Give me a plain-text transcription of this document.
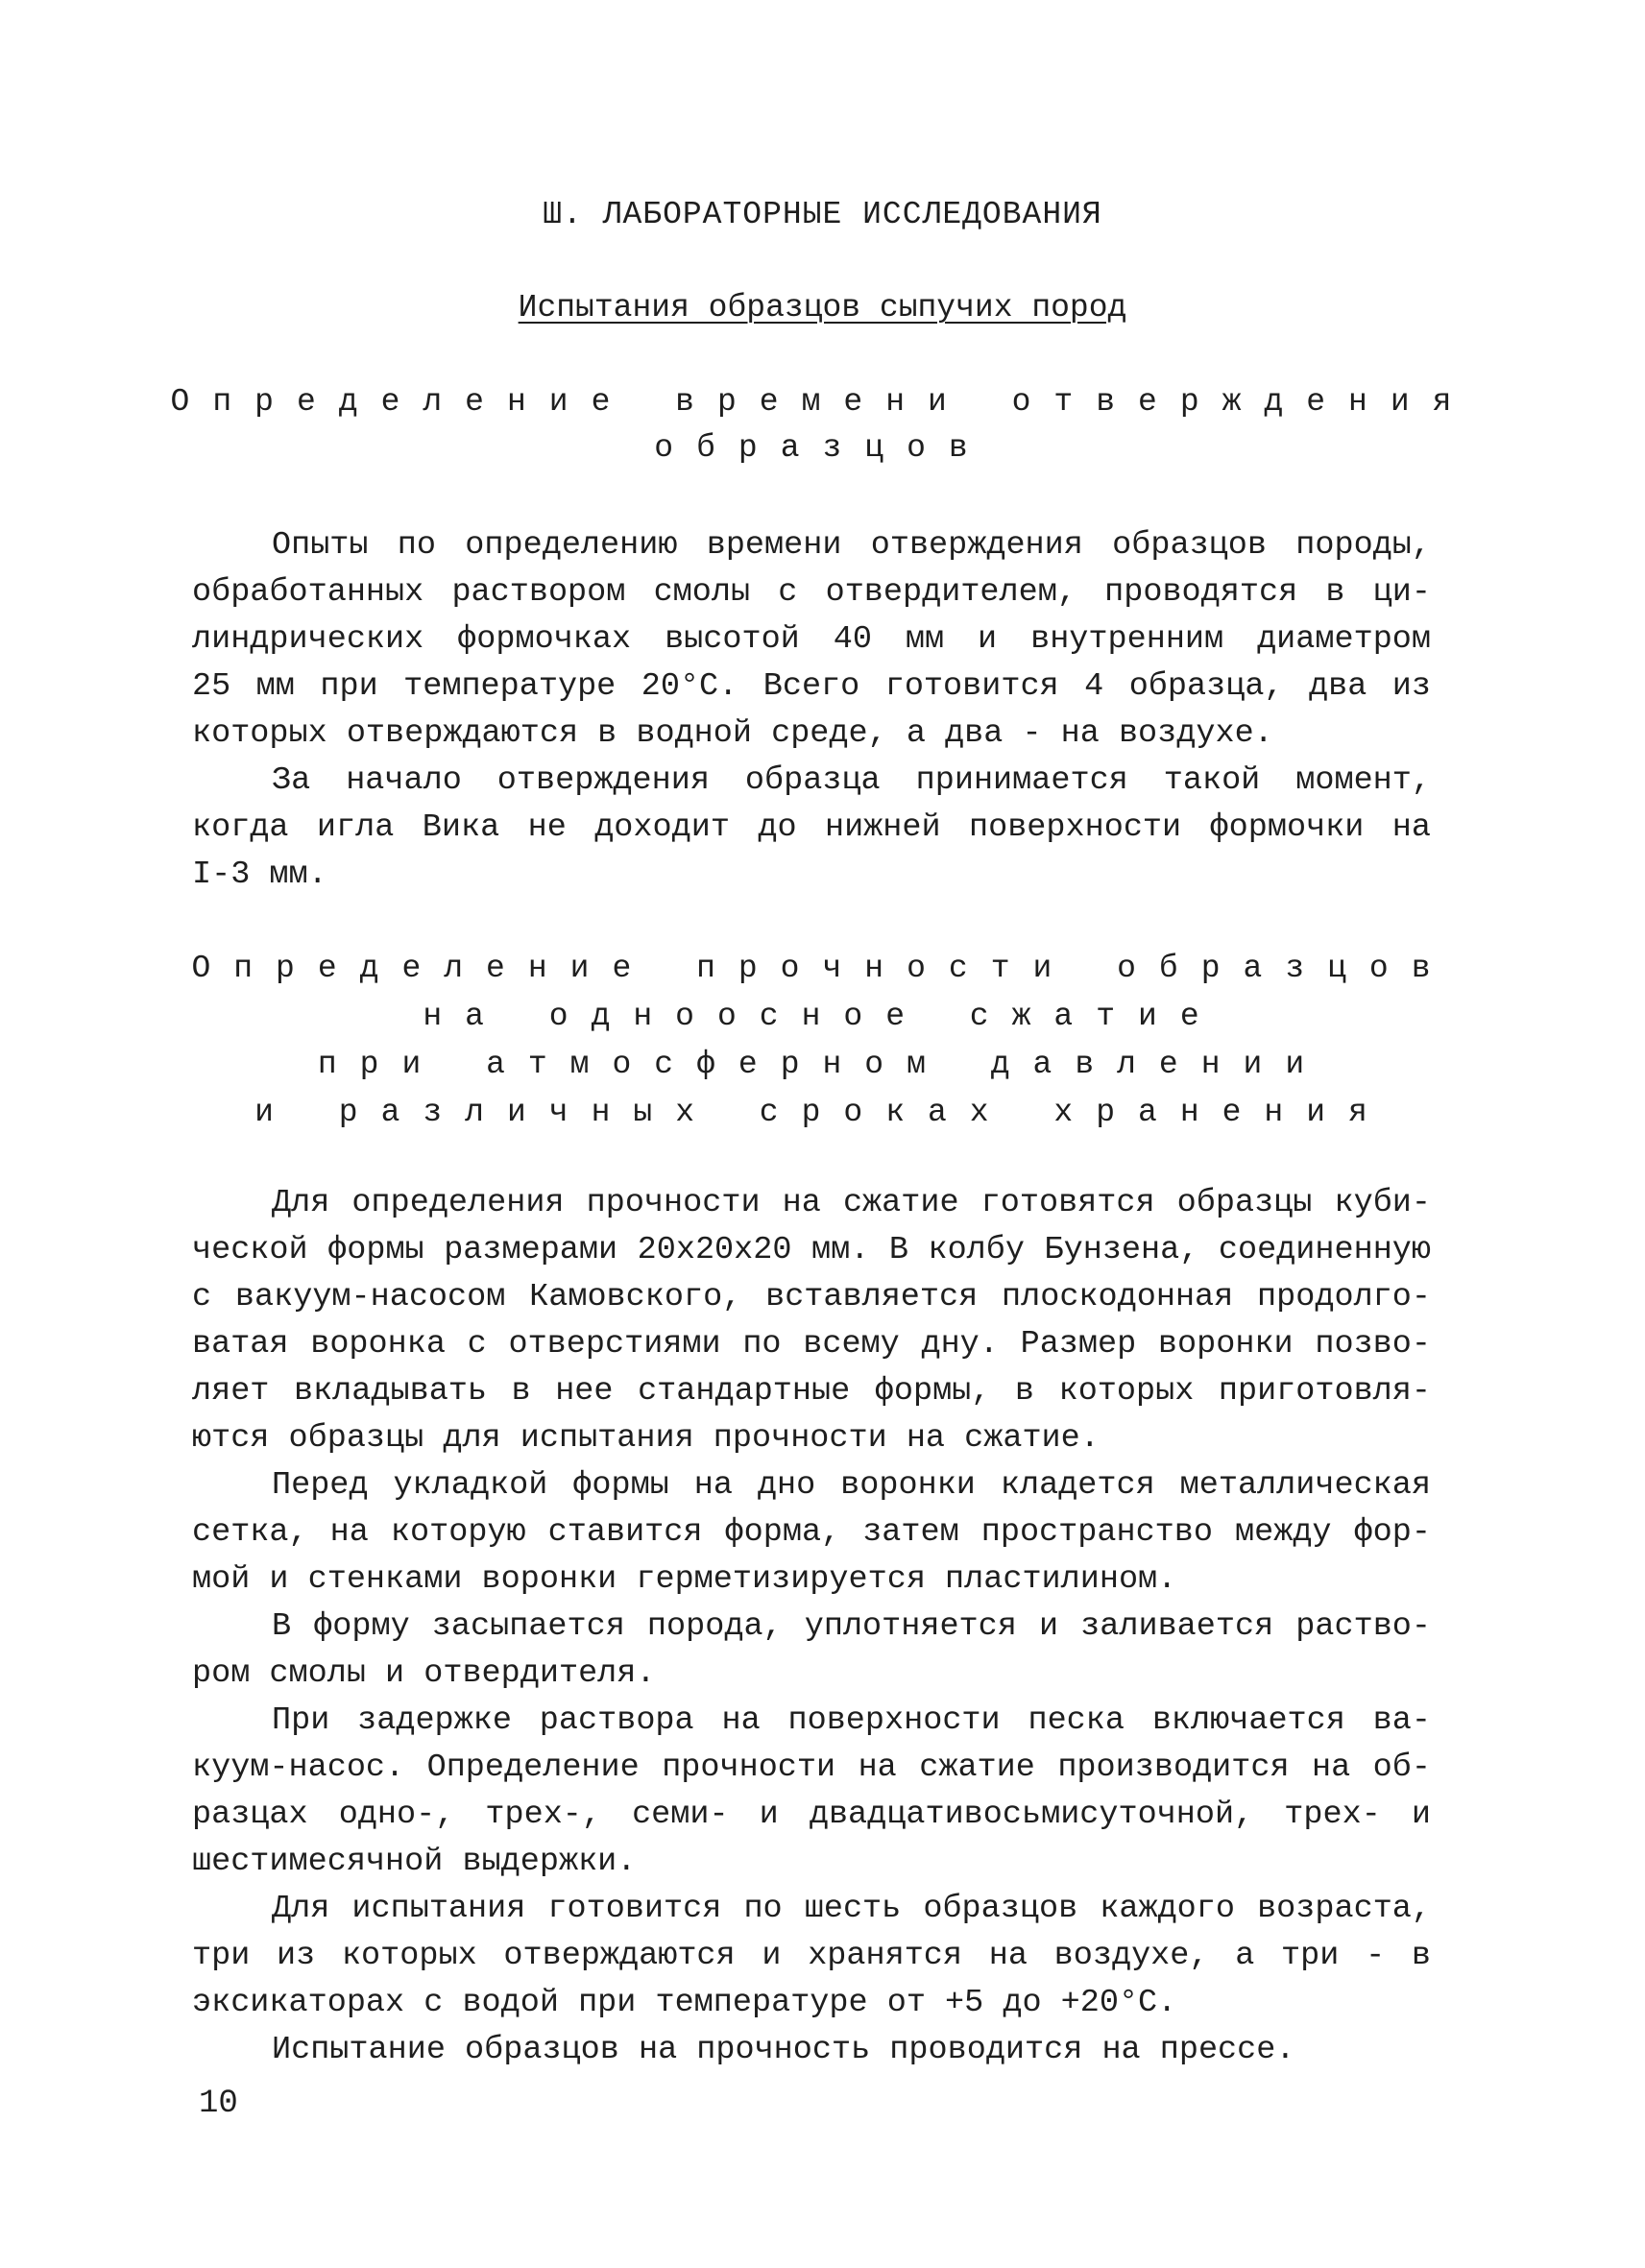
Ш. ЛАБОРАТОРНЫЕ ИССЛЕДОВАНИЯ
Испытания образцов сыпучих пород
Определение времени отверждения
образцов
Опыты по определению времени отверждения образцов породы,
обработанных раствором смолы с отвердителем, проводятся в ци-
линдрических формочках высотой 40 мм и внутренним диаметром
25 мм при температуре 20°С. Всего готовится 4 образца, два из
которых отверждаются в водной среде, а два - на воздухе.
За начало отверждения образца принимается такой момент,
когда игла Вика не доходит до нижней поверхности формочки на
I-3 мм.
Определение прочности образцов
на одноосное сжатие
при атмосферном давлении
и различных сроках хранения
Для определения прочности на сжатие готовятся образцы куби-
ческой формы размерами 20х20х20 мм. В колбу Бунзена, соединенную
с вакуум-насосом Камовского, вставляется плоскодонная продолго-
ватая воронка с отверстиями по всему дну. Размер воронки позво-
ляет вкладывать в нее стандартные формы, в которых приготовля-
ются образцы для испытания прочности на сжатие.
Перед укладкой формы на дно воронки кладется металлическая
сетка, на которую ставится форма, затем пространство между фор-
мой и стенками воронки герметизируется пластилином.
В форму засыпается порода, уплотняется и заливается раство-
ром смолы и отвердителя.
При задержке раствора на поверхности песка включается ва-
куум-насос. Определение прочности на сжатие производится на об-
разцах одно-, трех-, семи- и двадцативосьмисуточной, трех- и
шестимесячной выдержки.
Для испытания готовится по шесть образцов каждого возраста,
три из которых отверждаются и хранятся на воздухе, а три - в
эксикаторах с водой при температуре от +5 до +20°С.
Испытание образцов на прочность проводится на прессе.
10
